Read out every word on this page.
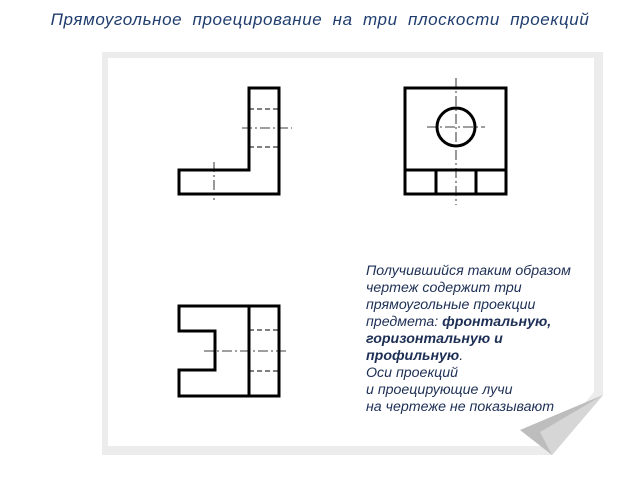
Прямоугольное проецирование на три плоскости проекций
Получившийся таким образом
чертеж содержит три
прямоугольные проекции
предмета: фронтальную,
горизонтальную и
профильную.
Оси проекций
и проецирующие лучи
на чертеже не показывают
